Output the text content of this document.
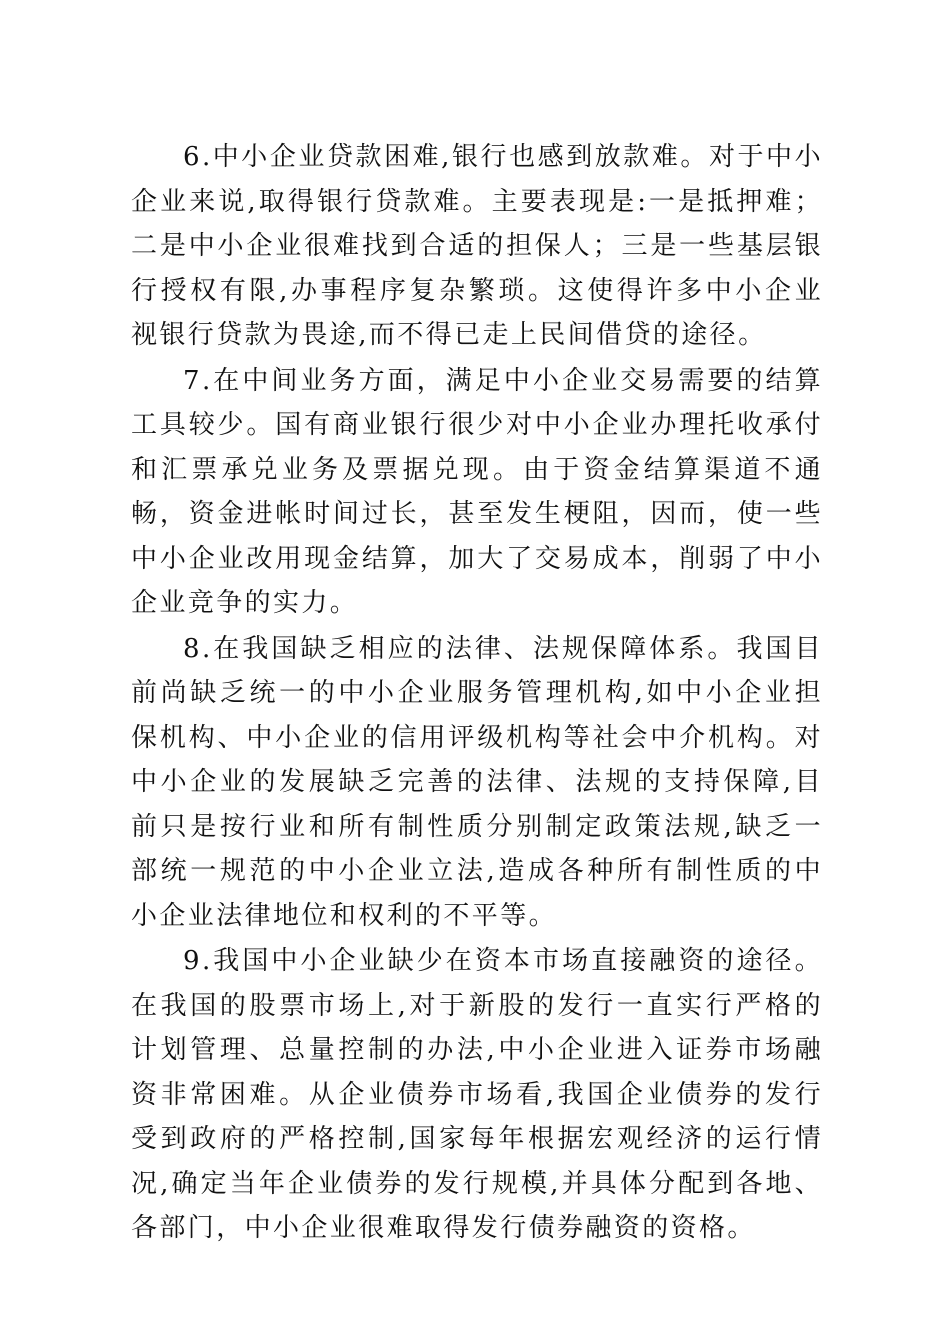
6.中小企业贷款困难,银行也感到放款难。对于中小企业来说,取得银行贷款难。主要表现是:一是抵押难；二是中小企业很难找到合适的担保人；三是一些基层银行授权有限,办事程序复杂繁琐。这使得许多中小企业视银行贷款为畏途,而不得已走上民间借贷的途径。

7.在中间业务方面，满足中小企业交易需要的结算工具较少。国有商业银行很少对中小企业办理托收承付和汇票承兑业务及票据兑现。由于资金结算渠道不通畅，资金进帐时间过长，甚至发生梗阻，因而，使一些中小企业改用现金结算，加大了交易成本，削弱了中小企业竞争的实力。

8.在我国缺乏相应的法律、法规保障体系。我国目前尚缺乏统一的中小企业服务管理机构,如中小企业担保机构、中小企业的信用评级机构等社会中介机构。对中小企业的发展缺乏完善的法律、法规的支持保障,目前只是按行业和所有制性质分别制定政策法规,缺乏一部统一规范的中小企业立法,造成各种所有制性质的中小企业法律地位和权利的不平等。

9.我国中小企业缺少在资本市场直接融资的途径。在我国的股票市场上,对于新股的发行一直实行严格的计划管理、总量控制的办法,中小企业进入证券市场融资非常困难。从企业债券市场看,我国企业债券的发行受到政府的严格控制,国家每年根据宏观经济的运行情况,确定当年企业债券的发行规模,并具体分配到各地、各部门，中小企业很难取得发行债券融资的资格。
